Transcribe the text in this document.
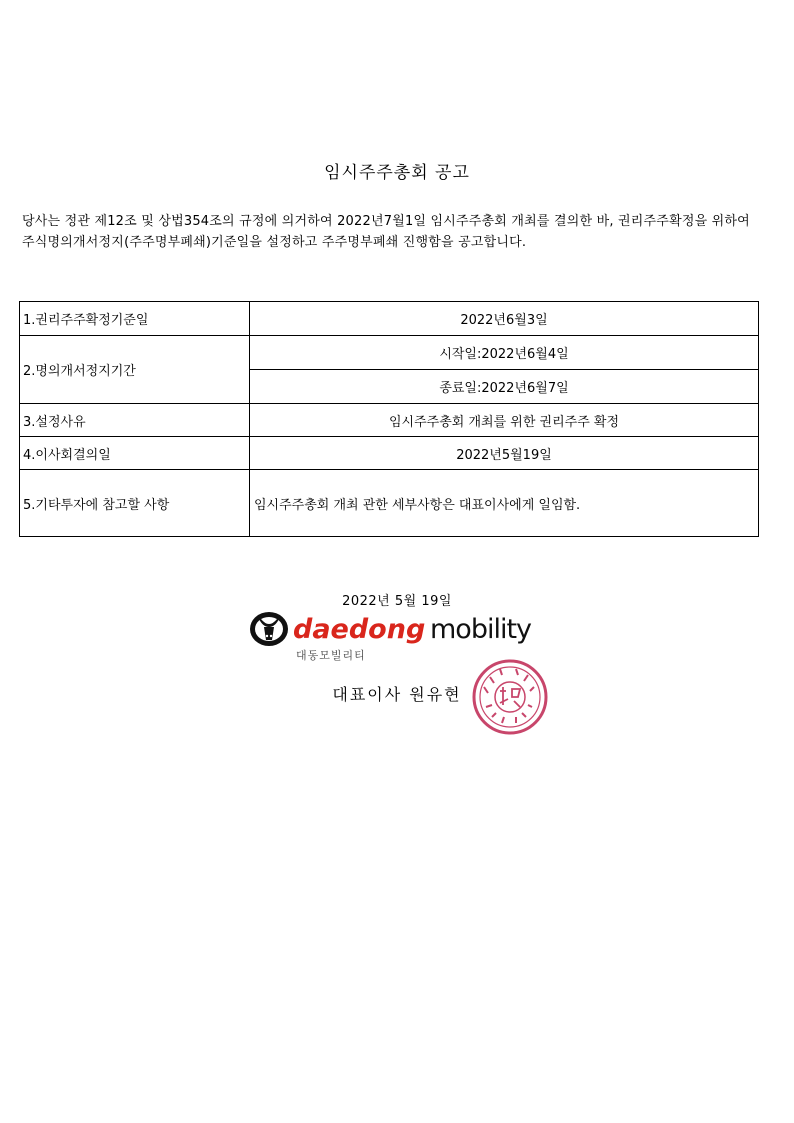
임시주주총회 공고
당사는 정관 제12조 및 상법354조의 규정에 의거하여 2022년7월1일 임시주주총회 개최를 결의한 바, 권리주주확정을 위하여 주식명의개서정지(주주명부폐쇄)기준일을 설정하고 주주명부폐쇄 진행함을 공고합니다.
1.권리주주확정기준일	2022년6월3일
2.명의개서정지기간	시작일:2022년6월4일
	종료일:2022년6월7일
3.설정사유	임시주주총회 개최를 위한 권리주주 확정
4.이사회결의일	2022년5월19일
5.기타투자에 참고할 사항	임시주주총회 개최 관한 세부사항은 대표이사에게 일임함.
2022년 5월 19일
daedong mobility
대동모빌리티
대표이사 원유현
